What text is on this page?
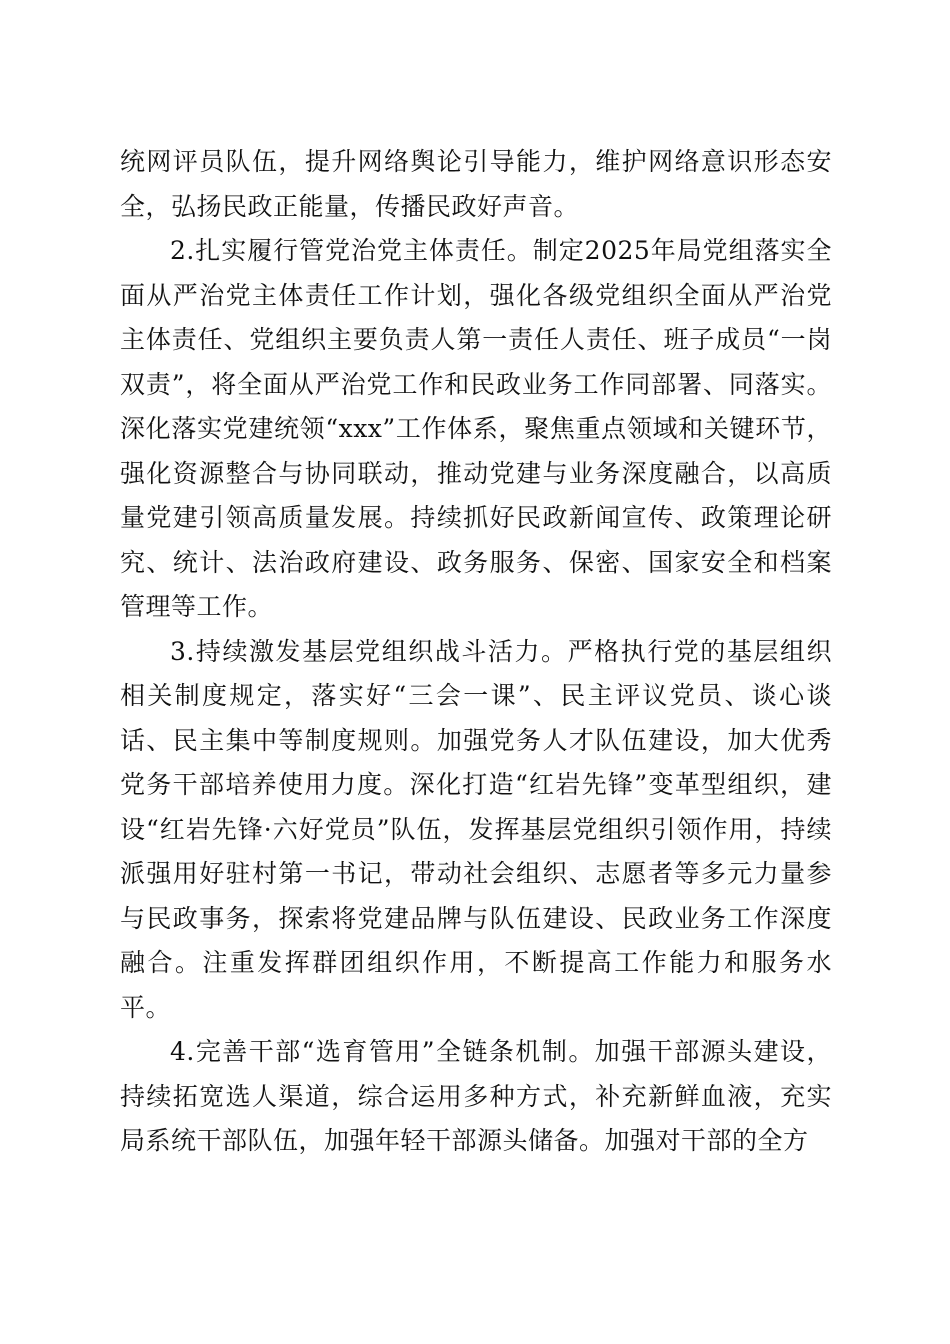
统网评员队伍，提升网络舆论引导能力，维护网络意识形态安全，弘扬民政正能量，传播民政好声音。

2.扎实履行管党治党主体责任。制定2025年局党组落实全面从严治党主体责任工作计划，强化各级党组织全面从严治党主体责任、党组织主要负责人第一责任人责任、班子成员“一岗双责”，将全面从严治党工作和民政业务工作同部署、同落实。深化落实党建统领“xxx”工作体系，聚焦重点领域和关键环节，强化资源整合与协同联动，推动党建与业务深度融合，以高质量党建引领高质量发展。持续抓好民政新闻宣传、政策理论研究、统计、法治政府建设、政务服务、保密、国家安全和档案管理等工作。

3.持续激发基层党组织战斗活力。严格执行党的基层组织相关制度规定，落实好“三会一课”、民主评议党员、谈心谈话、民主集中等制度规则。加强党务人才队伍建设，加大优秀党务干部培养使用力度。深化打造“红岩先锋”变革型组织，建设“红岩先锋·六好党员”队伍，发挥基层党组织引领作用，持续派强用好驻村第一书记，带动社会组织、志愿者等多元力量参与民政事务，探索将党建品牌与队伍建设、民政业务工作深度融合。注重发挥群团组织作用，不断提高工作能力和服务水平。

4.完善干部“选育管用”全链条机制。加强干部源头建设，持续拓宽选人渠道，综合运用多种方式，补充新鲜血液，充实局系统干部队伍，加强年轻干部源头储备。加强对干部的全方
